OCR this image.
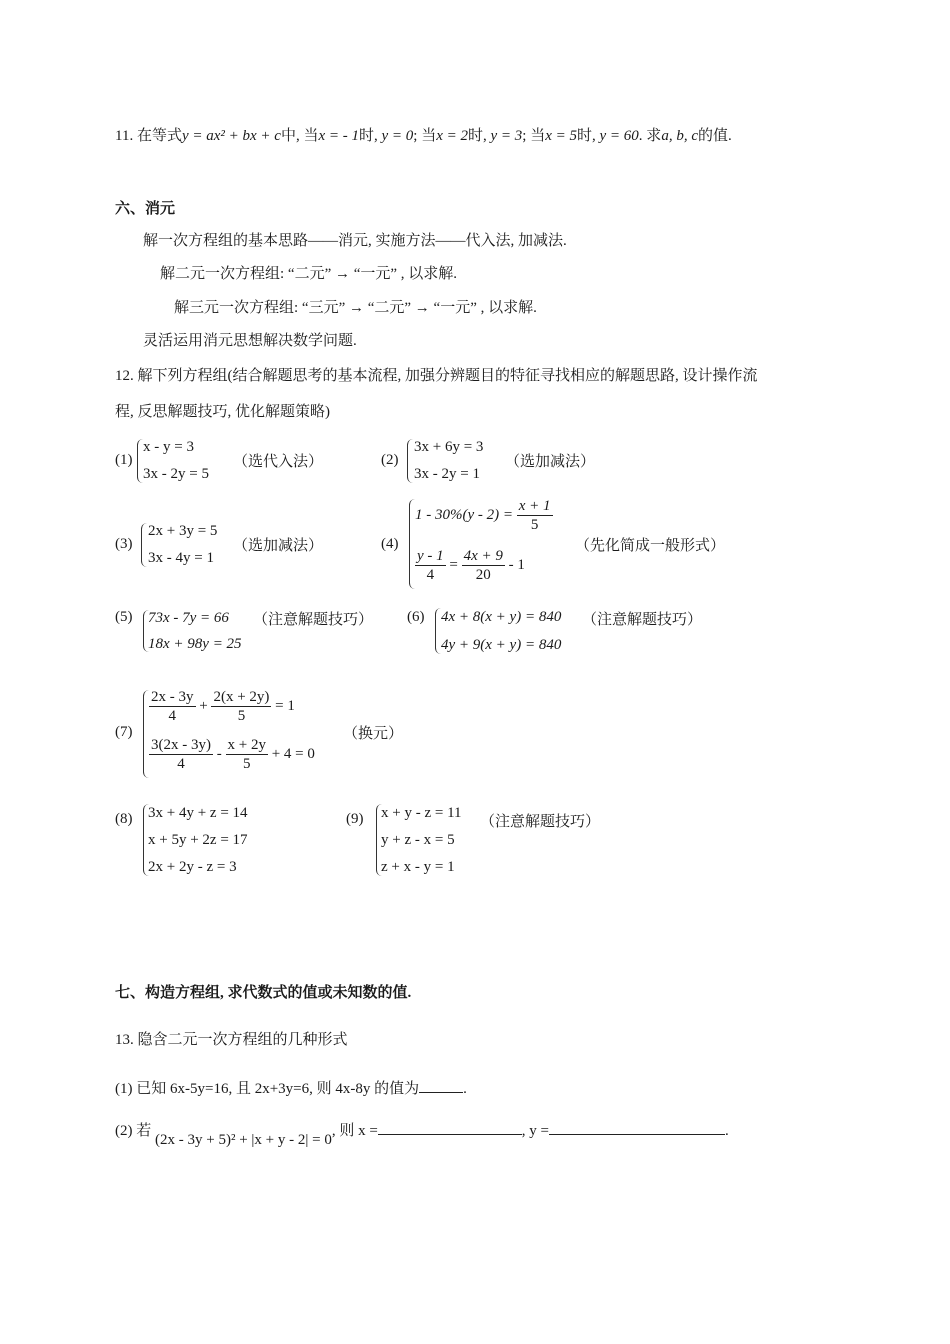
11. 在等式y = ax² + bx + c中, 当x = - 1时, y = 0; 当x = 2时, y = 3; 当x = 5时, y = 60. 求a, b, c的值.
六、消元
解一次方程组的基本思路——消元, 实施方法——代入法, 加减法.
解二元一次方程组: “二元” → “一元” , 以求解.
解三元一次方程组: “三元” → “二元” → “一元” , 以求解.
灵活运用消元思想解决数学问题.
12. 解下列方程组(结合解题思考的基本流程, 加强分辨题目的特征寻找相应的解题思路, 设计操作流
程, 反思解题技巧, 优化解题策略)
(1)
x - y = 3
3x - 2y = 5
（选代入法）	(2)
3x + 6y = 3
3x - 2y = 1
（选加减法）
(3)
2x + 3y = 5
3x - 4y = 1
（选加减法）	(4)
$1 - 30\%(y - 2) = \frac{x + 1}{5}$
$\frac{y - 1}{4} = \frac{4x + 9}{20} - 1$
（先化简成一般形式）
(5) 73x - 7y = 66
18x + 98y = 25
（注意解题技巧） (6) 4x + 8(x + y) = 840
4y + 9(x + y) = 840
（注意解题技巧）
(7)
$\frac{2x - 3y}{4} + \frac{2(x + 2y)}{5} = 1$
$\frac{3(2x - 3y)}{4} - \frac{x + 2y}{5} + 4 = 0$
（换元）
(8) 3x + 4y + z = 14
x + 5y + 2z = 17
2x + 2y - z = 3
(9) x + y - z = 11
y + z - x = 5
z + x - y = 1
（注意解题技巧）
七、构造方程组, 求代数式的值或未知数的值.
13. 隐含二元一次方程组的几种形式
(1) 已知 6x-5y=16, 且 2x+3y=6, 则 4x-8y 的值为	.
(2) 若 (2x - 3y + 5)² + |x + y - 2| = 0, 则 x =	, y =	.
